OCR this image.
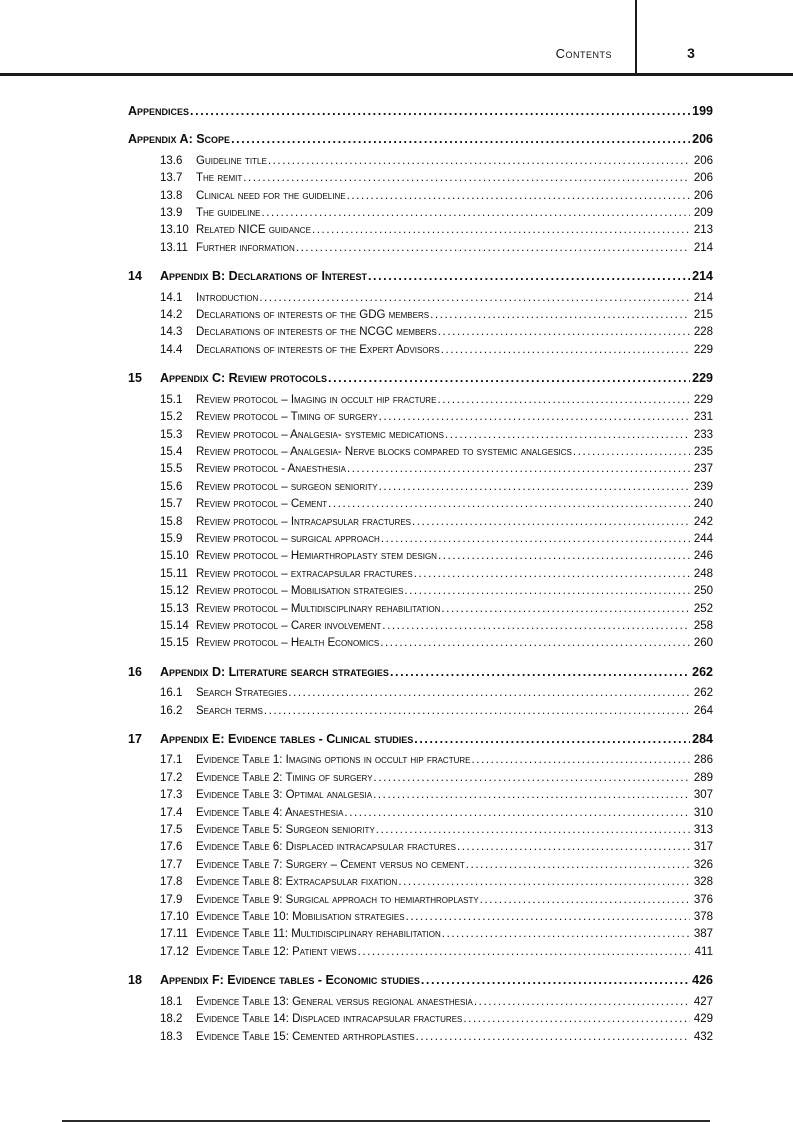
Contents	3
Appendices .....	199
Appendix A: Scope .....	206
13.6	Guideline title .....	206
13.7	The remit .....	206
13.8	Clinical need for the guideline .....	206
13.9	The guideline .....	209
13.10 Related NICE guidance .....	213
13.11 Further information .....	214
14	Appendix B: Declarations of Interest .....	214
14.1	Introduction .....	214
14.2	Declarations of interests of the GDG members .....	215
14.3	Declarations of interests of the NCGC members .....	228
14.4	Declarations of interests of the Expert Advisors .....	229
15	Appendix C: Review protocols .....	229
15.1	Review protocol – Imaging in occult hip fracture .....	229
15.2	Review protocol – Timing of surgery .....	231
15.3	Review protocol – Analgesia- systemic medications .....	233
15.4	Review protocol – Analgesia- Nerve blocks compared to systemic analgesics .....	235
15.5	Review protocol - Anaesthesia .....	237
15.6	Review protocol – surgeon seniority .....	239
15.7	Review protocol – Cement .....	240
15.8	Review protocol – Intracapsular fractures .....	242
15.9	Review protocol – surgical approach .....	244
15.10 Review protocol – Hemiarthroplasty stem design .....	246
15.11 Review protocol – extracapsular fractures .....	248
15.12 Review protocol – Mobilisation strategies .....	250
15.13 Review protocol – Multidisciplinary rehabilitation .....	252
15.14 Review protocol – Carer involvement .....	258
15.15 Review protocol – Health Economics .....	260
16	Appendix D: Literature search strategies .....	262
16.1	Search Strategies .....	262
16.2	Search terms .....	264
17	Appendix E: Evidence tables - Clinical studies .....	284
17.1	Evidence Table 1: Imaging options in occult hip fracture .....	286
17.2	Evidence Table 2: Timing of surgery .....	289
17.3	Evidence Table 3: Optimal analgesia .....	307
17.4	Evidence Table 4: Anaesthesia .....	310
17.5	Evidence Table 5: Surgeon seniority .....	313
17.6	Evidence Table 6: Displaced intracapsular fractures .....	317
17.7	Evidence Table 7: Surgery – Cement versus no cement .....	326
17.8	Evidence Table 8: Extracapsular fixation .....	328
17.9	Evidence Table 9: Surgical approach to hemiarthroplasty .....	376
17.10 Evidence Table 10: Mobilisation strategies .....	378
17.11 Evidence Table 11: Multidisciplinary rehabilitation .....	387
17.12 Evidence Table 12: Patient views .....	411
18	Appendix F: Evidence tables - Economic studies .....	426
18.1	Evidence Table 13: General versus regional anaesthesia .....	427
18.2	Evidence Table 14: Displaced intracapsular fractures .....	429
18.3	Evidence Table 15: Cemented arthroplasties .....	432
